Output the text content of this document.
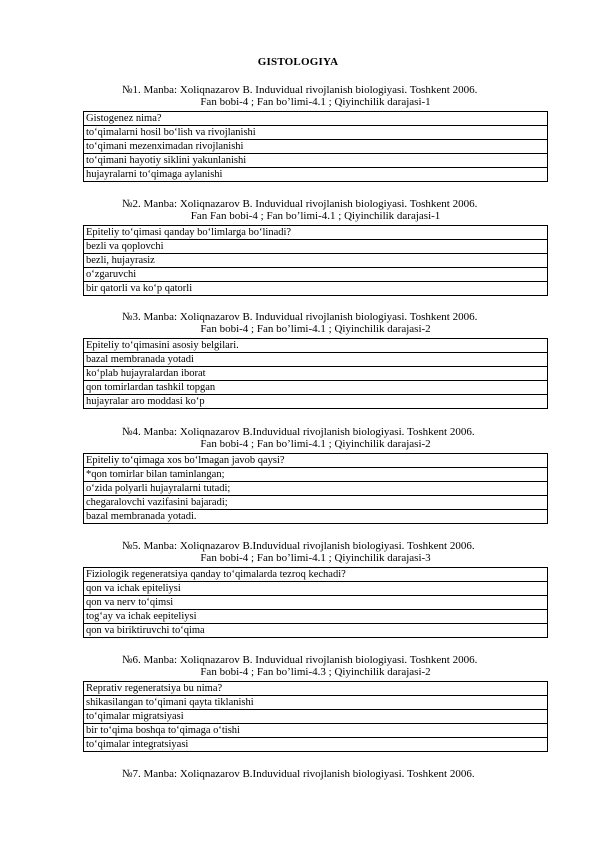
GISTOLOGIYA
№1. Manba: Xoliqnazarov B. Induvidual rivojlanish biologiyasi. Toshkent 2006.
Fan bobi-4 ; Fan bo’limi-4.1 ; Qiyinchilik darajasi-1
Gistogenez nima?
to‘qimalarni hosil bo‘lish va rivojlanishi
to‘qimani mezenximadan rivojlanishi
to‘qimani hayotiy siklini yakunlanishi
hujayralarni to‘qimaga aylanishi
№2. Manba: Xoliqnazarov B. Induvidual rivojlanish biologiyasi. Toshkent 2006.
Fan Fan bobi-4 ; Fan bo’limi-4.1 ; Qiyinchilik darajasi-1
Epiteliy to‘qimasi qanday bo‘limlarga bo‘linadi?
bezli va qoplovchi
bezli, hujayrasiz
o‘zgaruvchi
bir qatorli va ko‘p qatorli
№3. Manba: Xoliqnazarov B. Induvidual rivojlanish biologiyasi. Toshkent 2006.
Fan bobi-4 ; Fan bo’limi-4.1 ; Qiyinchilik darajasi-2
Epiteliy to‘qimasini asosiy belgilari.
bazal membranada yotadi
ko‘plab hujayralardan iborat
qon tomirlardan tashkil topgan
hujayralar aro moddasi ko‘p
№4. Manba: Xoliqnazarov B.Induvidual rivojlanish biologiyasi. Toshkent 2006.
Fan bobi-4 ; Fan bo’limi-4.1 ; Qiyinchilik darajasi-2
Epiteliy to‘qimaga xos bo‘lmagan javob qaysi?
*qon tomirlar bilan taminlangan;
o‘zida polyarli hujayralarni tutadi;
chegaralovchi vazifasini bajaradi;
bazal membranada yotadi.
№5. Manba: Xoliqnazarov B.Induvidual rivojlanish biologiyasi. Toshkent 2006.
Fan bobi-4 ; Fan bo’limi-4.1 ; Qiyinchilik darajasi-3
Fiziologik regeneratsiya qanday to‘qimalarda tezroq kechadi?
qon va ichak epiteliysi
qon va nerv to‘qimsi
tog‘ay va ichak eepiteliysi
qon va biriktiruvchi to‘qima
№6. Manba: Xoliqnazarov B. Induvidual rivojlanish biologiyasi. Toshkent 2006.
Fan bobi-4 ; Fan bo’limi-4.3 ; Qiyinchilik darajasi-2
Reprativ regeneratsiya bu nima?
shikasilangan to‘qimani qayta tiklanishi
to‘qimalar migratsiyasi
bir to‘qima boshqa to‘qimaga o‘tishi
to‘qimalar integratsiyasi
№7. Manba: Xoliqnazarov B.Induvidual rivojlanish biologiyasi. Toshkent 2006.
